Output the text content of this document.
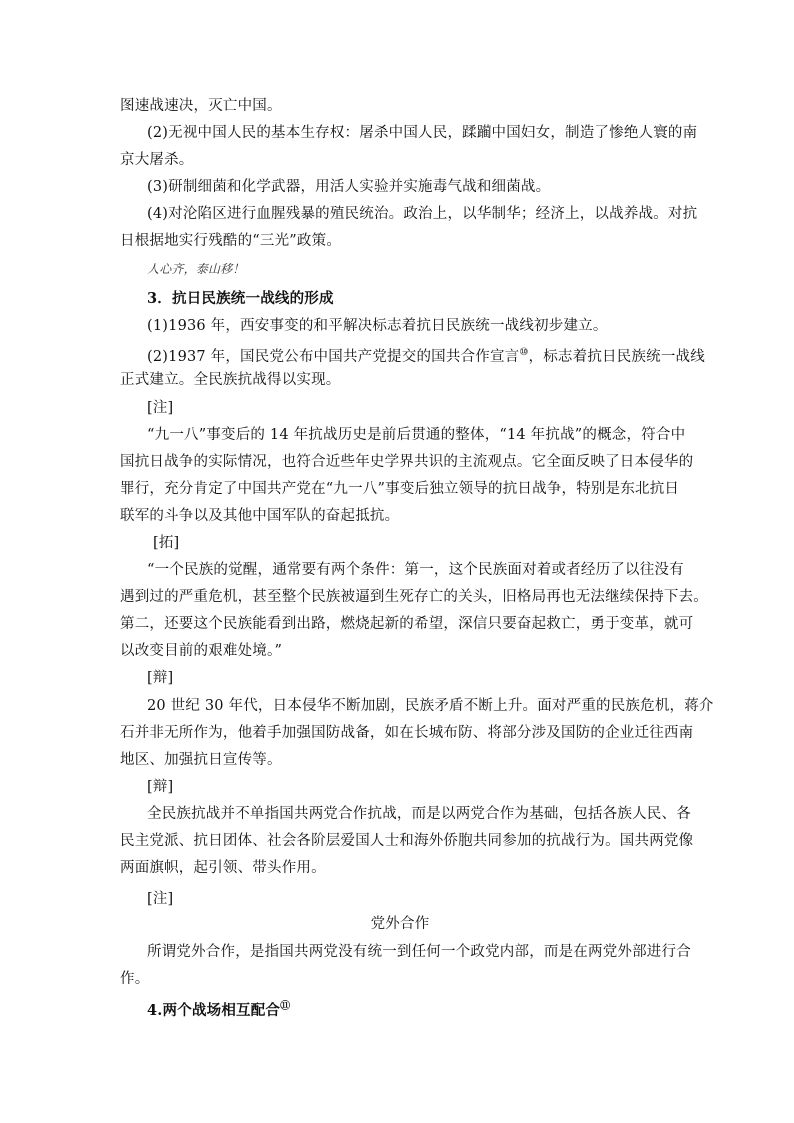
图速战速决，灭亡中国。
(2)无视中国人民的基本生存权：屠杀中国人民，蹂躏中国妇女，制造了惨绝人寰的南
京大屠杀。
(3)研制细菌和化学武器，用活人实验并实施毒气战和细菌战。
(4)对沦陷区进行血腥残暴的殖民统治。政治上，以华制华；经济上，以战养战。对抗
日根据地实行残酷的“三光”政策。
人心齐，泰山移！
3．抗日民族统一战线的形成
(1)1936 年，西安事变的和平解决标志着抗日民族统一战线初步建立。
(2)1937 年，国民党公布中国共产党提交的国共合作宣言⑩，标志着抗日民族统一战线
正式建立。全民族抗战得以实现。
[注]
“九一八”事变后的 14 年抗战历史是前后贯通的整体，“14 年抗战”的概念，符合中
国抗日战争的实际情况，也符合近些年史学界共识的主流观点。它全面反映了日本侵华的
罪行，充分肯定了中国共产党在“九一八”事变后独立领导的抗日战争，特别是东北抗日
联军的斗争以及其他中国军队的奋起抵抗。
[拓]
“一个民族的觉醒，通常要有两个条件：第一，这个民族面对着或者经历了以往没有
遇到过的严重危机，甚至整个民族被逼到生死存亡的关头，旧格局再也无法继续保持下去。
第二，还要这个民族能看到出路，燃烧起新的希望，深信只要奋起救亡，勇于变革，就可
以改变目前的艰难处境。”
[辩]
20 世纪 30 年代，日本侵华不断加剧，民族矛盾不断上升。面对严重的民族危机，蒋介
石并非无所作为，他着手加强国防战备，如在长城布防、将部分涉及国防的企业迁往西南
地区、加强抗日宣传等。
[辩]
全民族抗战并不单指国共两党合作抗战，而是以两党合作为基础，包括各族人民、各
民主党派、抗日团体、社会各阶层爱国人士和海外侨胞共同参加的抗战行为。国共两党像
两面旗帜，起引领、带头作用。
[注]
党外合作
所谓党外合作，是指国共两党没有统一到任何一个政党内部，而是在两党外部进行合
作。
4.两个战场相互配合⑪
